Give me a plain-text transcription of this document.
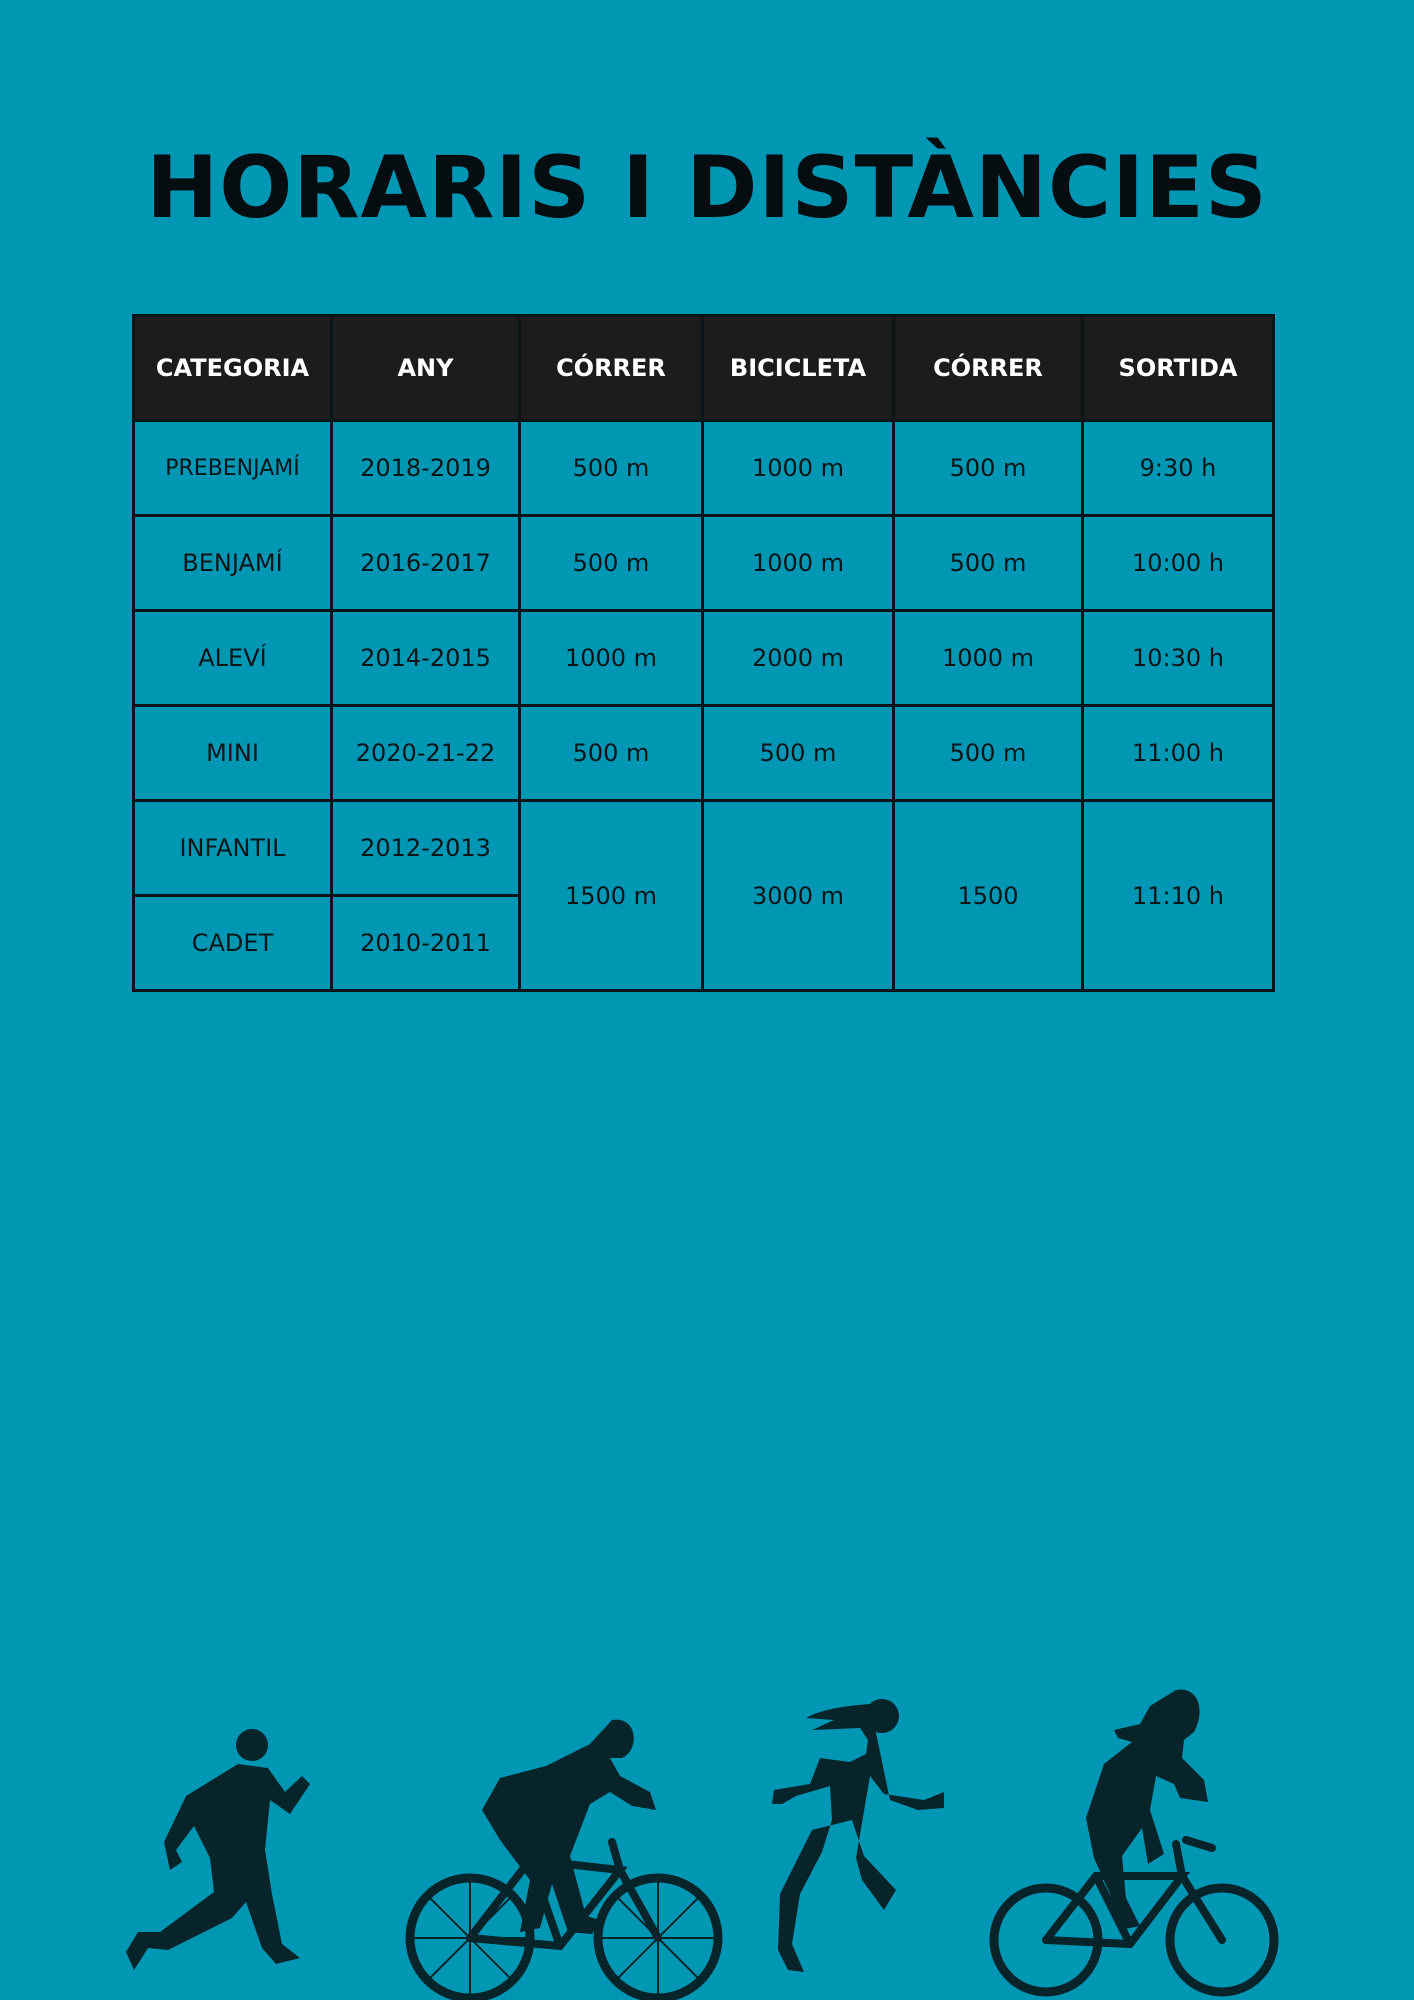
HORARIS I DISTÀNCIES
CATEGORIA	ANY	CÓRRER	BICICLETA	CÓRRER	SORTIDA
PREBENJAMÍ	2018-2019	500 m	1000 m	500 m	9:30 h
BENJAMÍ	2016-2017	500 m	1000 m	500 m	10:00 h
ALEVÍ	2014-2015	1000 m	2000 m	1000 m	10:30 h
MINI	2020-21-22	500 m	500 m	500 m	11:00 h
INFANTIL	2012-2013	1500 m	3000 m	1500	11:10 h
CADET	2010-2011				
